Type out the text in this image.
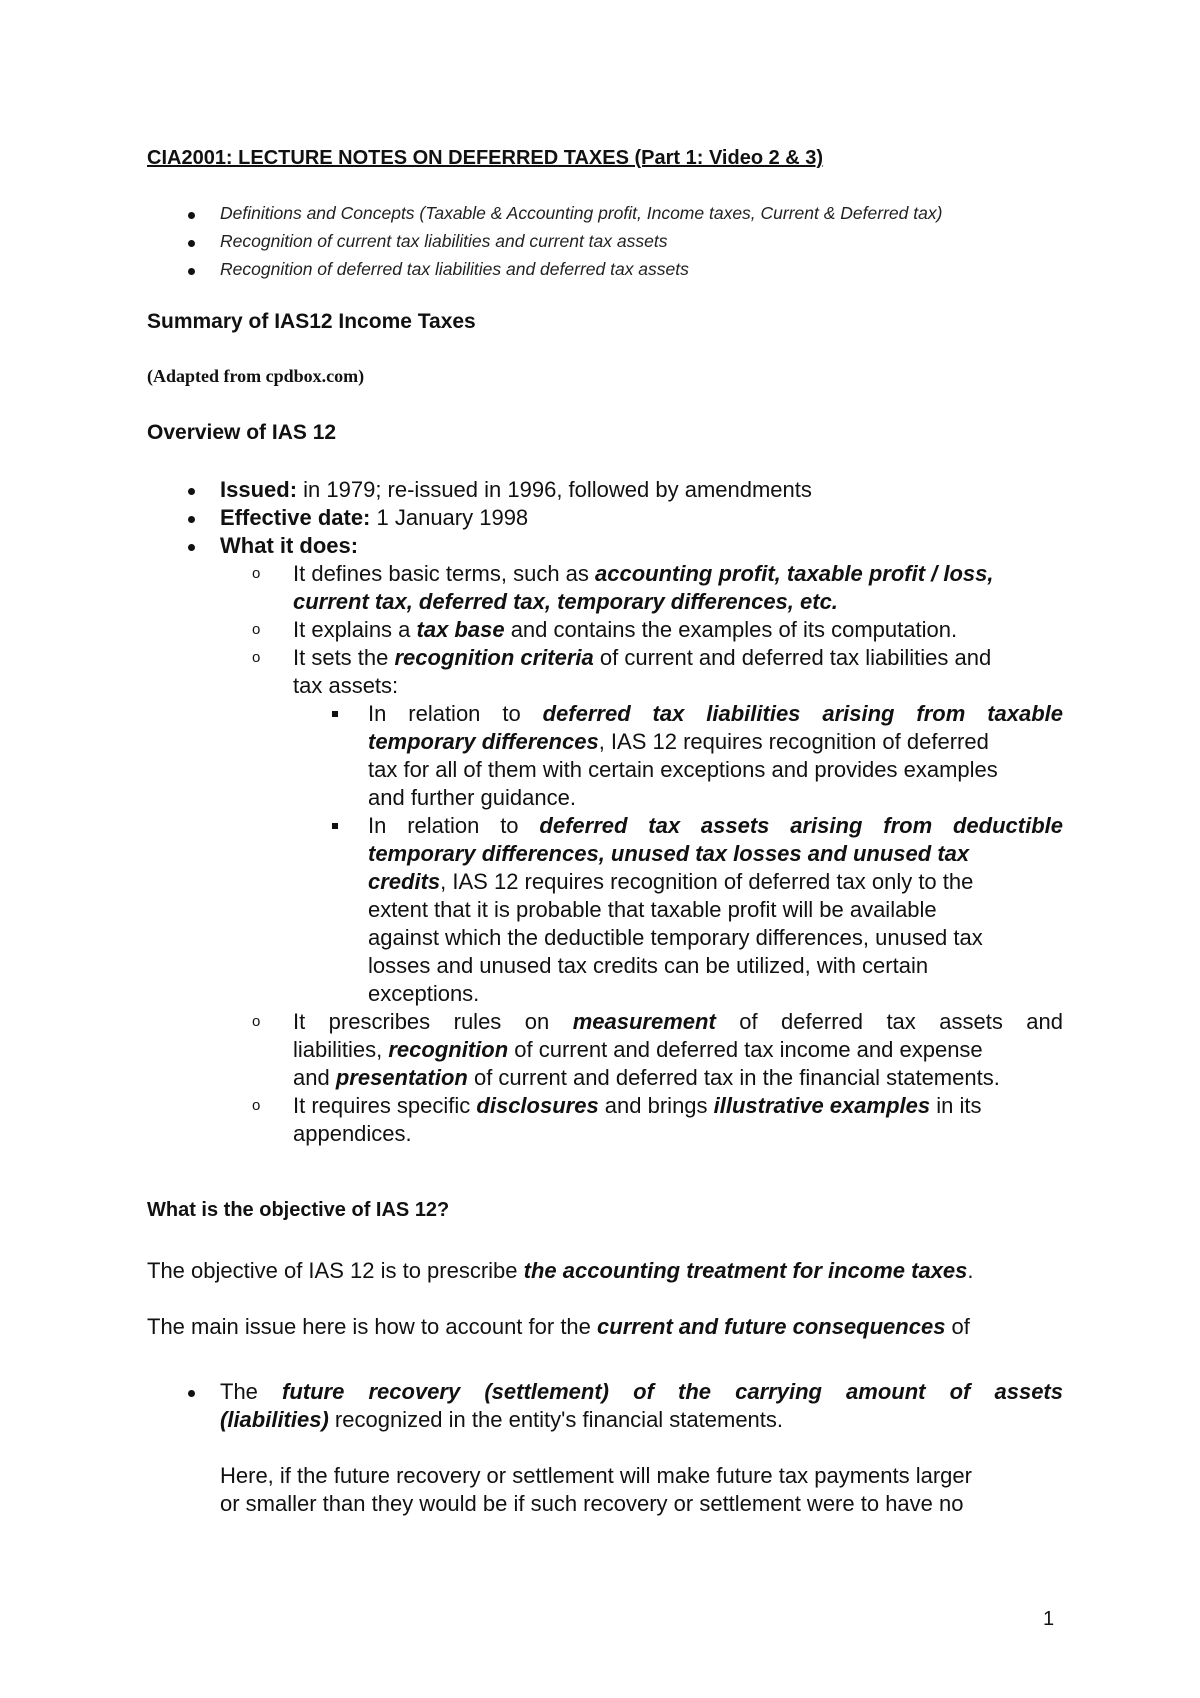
CIA2001: LECTURE NOTES ON DEFERRED TAXES (Part 1: Video 2 & 3)
Definitions and Concepts (Taxable & Accounting profit, Income taxes, Current & Deferred tax)
Recognition of current tax liabilities and current tax assets
Recognition of deferred tax liabilities and deferred tax assets
Summary of IAS12 Income Taxes
(Adapted from cpdbox.com)
Overview of IAS 12
Issued: in 1979; re-issued in 1996, followed by amendments
Effective date: 1 January 1998
What it does:
o It defines basic terms, such as accounting profit, taxable profit / loss,
current tax, deferred tax, temporary differences, etc.
o It explains a tax base and contains the examples of its computation.
o It sets the recognition criteria of current and deferred tax liabilities and
tax assets:
In relation to deferred tax liabilities arising from taxable
temporary differences, IAS 12 requires recognition of deferred
tax for all of them with certain exceptions and provides examples
and further guidance.
In relation to deferred tax assets arising from deductible
temporary differences, unused tax losses and unused tax
credits, IAS 12 requires recognition of deferred tax only to the
extent that it is probable that taxable profit will be available
against which the deductible temporary differences, unused tax
losses and unused tax credits can be utilized, with certain
exceptions.
o It prescribes rules on measurement of deferred tax assets and
liabilities, recognition of current and deferred tax income and expense
and presentation of current and deferred tax in the financial statements.
o It requires specific disclosures and brings illustrative examples in its
appendices.
What is the objective of IAS 12?
The objective of IAS 12 is to prescribe the accounting treatment for income taxes.
The main issue here is how to account for the current and future consequences of
The future recovery (settlement) of the carrying amount of assets
(liabilities) recognized in the entity's financial statements.
Here, if the future recovery or settlement will make future tax payments larger
or smaller than they would be if such recovery or settlement were to have no
1
